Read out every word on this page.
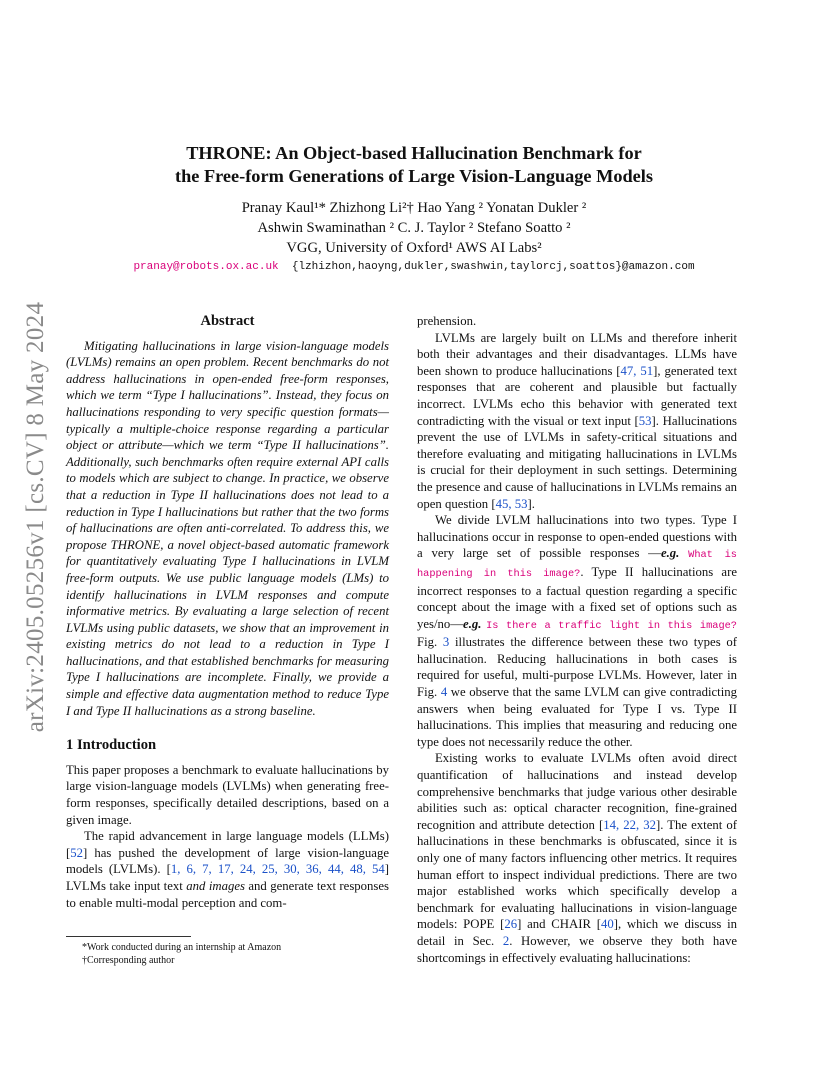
arXiv:2405.05256v1 [cs.CV] 8 May 2024
THRONE: An Object-based Hallucination Benchmark for
the Free-form Generations of Large Vision-Language Models
Pranay Kaul¹* Zhizhong Li²† Hao Yang ² Yonatan Dukler ²
Ashwin Swaminathan ² C. J. Taylor ² Stefano Soatto ²
VGG, University of Oxford¹ AWS AI Labs²
pranay@robots.ox.ac.uk {lzhizhon,haoyng,dukler,swashwin,taylorcj,soattos}@amazon.com
Abstract

Mitigating hallucinations in large vision-language models (LVLMs) remains an open problem. Recent benchmarks do not address hallucinations in open-ended free-form responses, which we term “Type I hallucinations”. Instead, they focus on hallucinations responding to very specific question formats—typically a multiple-choice response regarding a particular object or attribute—which we term “Type II hallucinations”. Additionally, such benchmarks often require external API calls to models which are subject to change. In practice, we observe that a reduction in Type II hallucinations does not lead to a reduction in Type I hallucinations but rather that the two forms of hallucinations are often anti-correlated. To address this, we propose THRONE, a novel object-based automatic framework for quantitatively evaluating Type I hallucinations in LVLM free-form outputs. We use public language models (LMs) to identify hallucinations in LVLM responses and compute informative metrics. By evaluating a large selection of recent LVLMs using public datasets, we show that an improvement in existing metrics do not lead to a reduction in Type I hallucinations, and that established benchmarks for measuring Type I hallucinations are incomplete. Finally, we provide a simple and effective data augmentation method to reduce Type I and Type II hallucinations as a strong baseline.

1 Introduction

This paper proposes a benchmark to evaluate hallucinations by large vision-language models (LVLMs) when generating free-form responses, specifically detailed descriptions, based on a given image.

The rapid advancement in large language models (LLMs) [52] has pushed the development of large vision-language models (LVLMs). [1, 6, 7, 17, 24, 25, 30, 36, 44, 48, 54] LVLMs take input text and images and generate text responses to enable multi-modal perception and com-

*Work conducted during an internship at Amazon
†Corresponding author

prehension.

LVLMs are largely built on LLMs and therefore inherit both their advantages and their disadvantages. LLMs have been shown to produce hallucinations [47, 51], generated text responses that are coherent and plausible but factually incorrect. LVLMs echo this behavior with generated text contradicting with the visual or text input [53]. Hallucinations prevent the use of LVLMs in safety-critical situations and therefore evaluating and mitigating hallucinations in LVLMs is crucial for their deployment in such settings. Determining the presence and cause of hallucinations in LVLMs remains an open question [45, 53].

We divide LVLM hallucinations into two types. Type I hallucinations occur in response to open-ended questions with a very large set of possible responses —e.g. What is happening in this image?. Type II hallucinations are incorrect responses to a factual question regarding a specific concept about the image with a fixed set of options such as yes/no—e.g. Is there a traffic light in this image? Fig. 3 illustrates the difference between these two types of hallucination. Reducing hallucinations in both cases is required for useful, multi-purpose LVLMs. However, later in Fig. 4 we observe that the same LVLM can give contradicting answers when being evaluated for Type I vs. Type II hallucinations. This implies that measuring and reducing one type does not necessarily reduce the other.

Existing works to evaluate LVLMs often avoid direct quantification of hallucinations and instead develop comprehensive benchmarks that judge various other desirable abilities such as: optical character recognition, fine-grained recognition and attribute detection [14, 22, 32]. The extent of hallucinations in these benchmarks is obfuscated, since it is only one of many factors influencing other metrics. It requires human effort to inspect individual predictions. There are two major established works which specifically develop a benchmark for evaluating hallucinations in vision-language models: POPE [26] and CHAIR [40], which we discuss in detail in Sec. 2. However, we observe they both have shortcomings in effectively evaluating hallucinations:
